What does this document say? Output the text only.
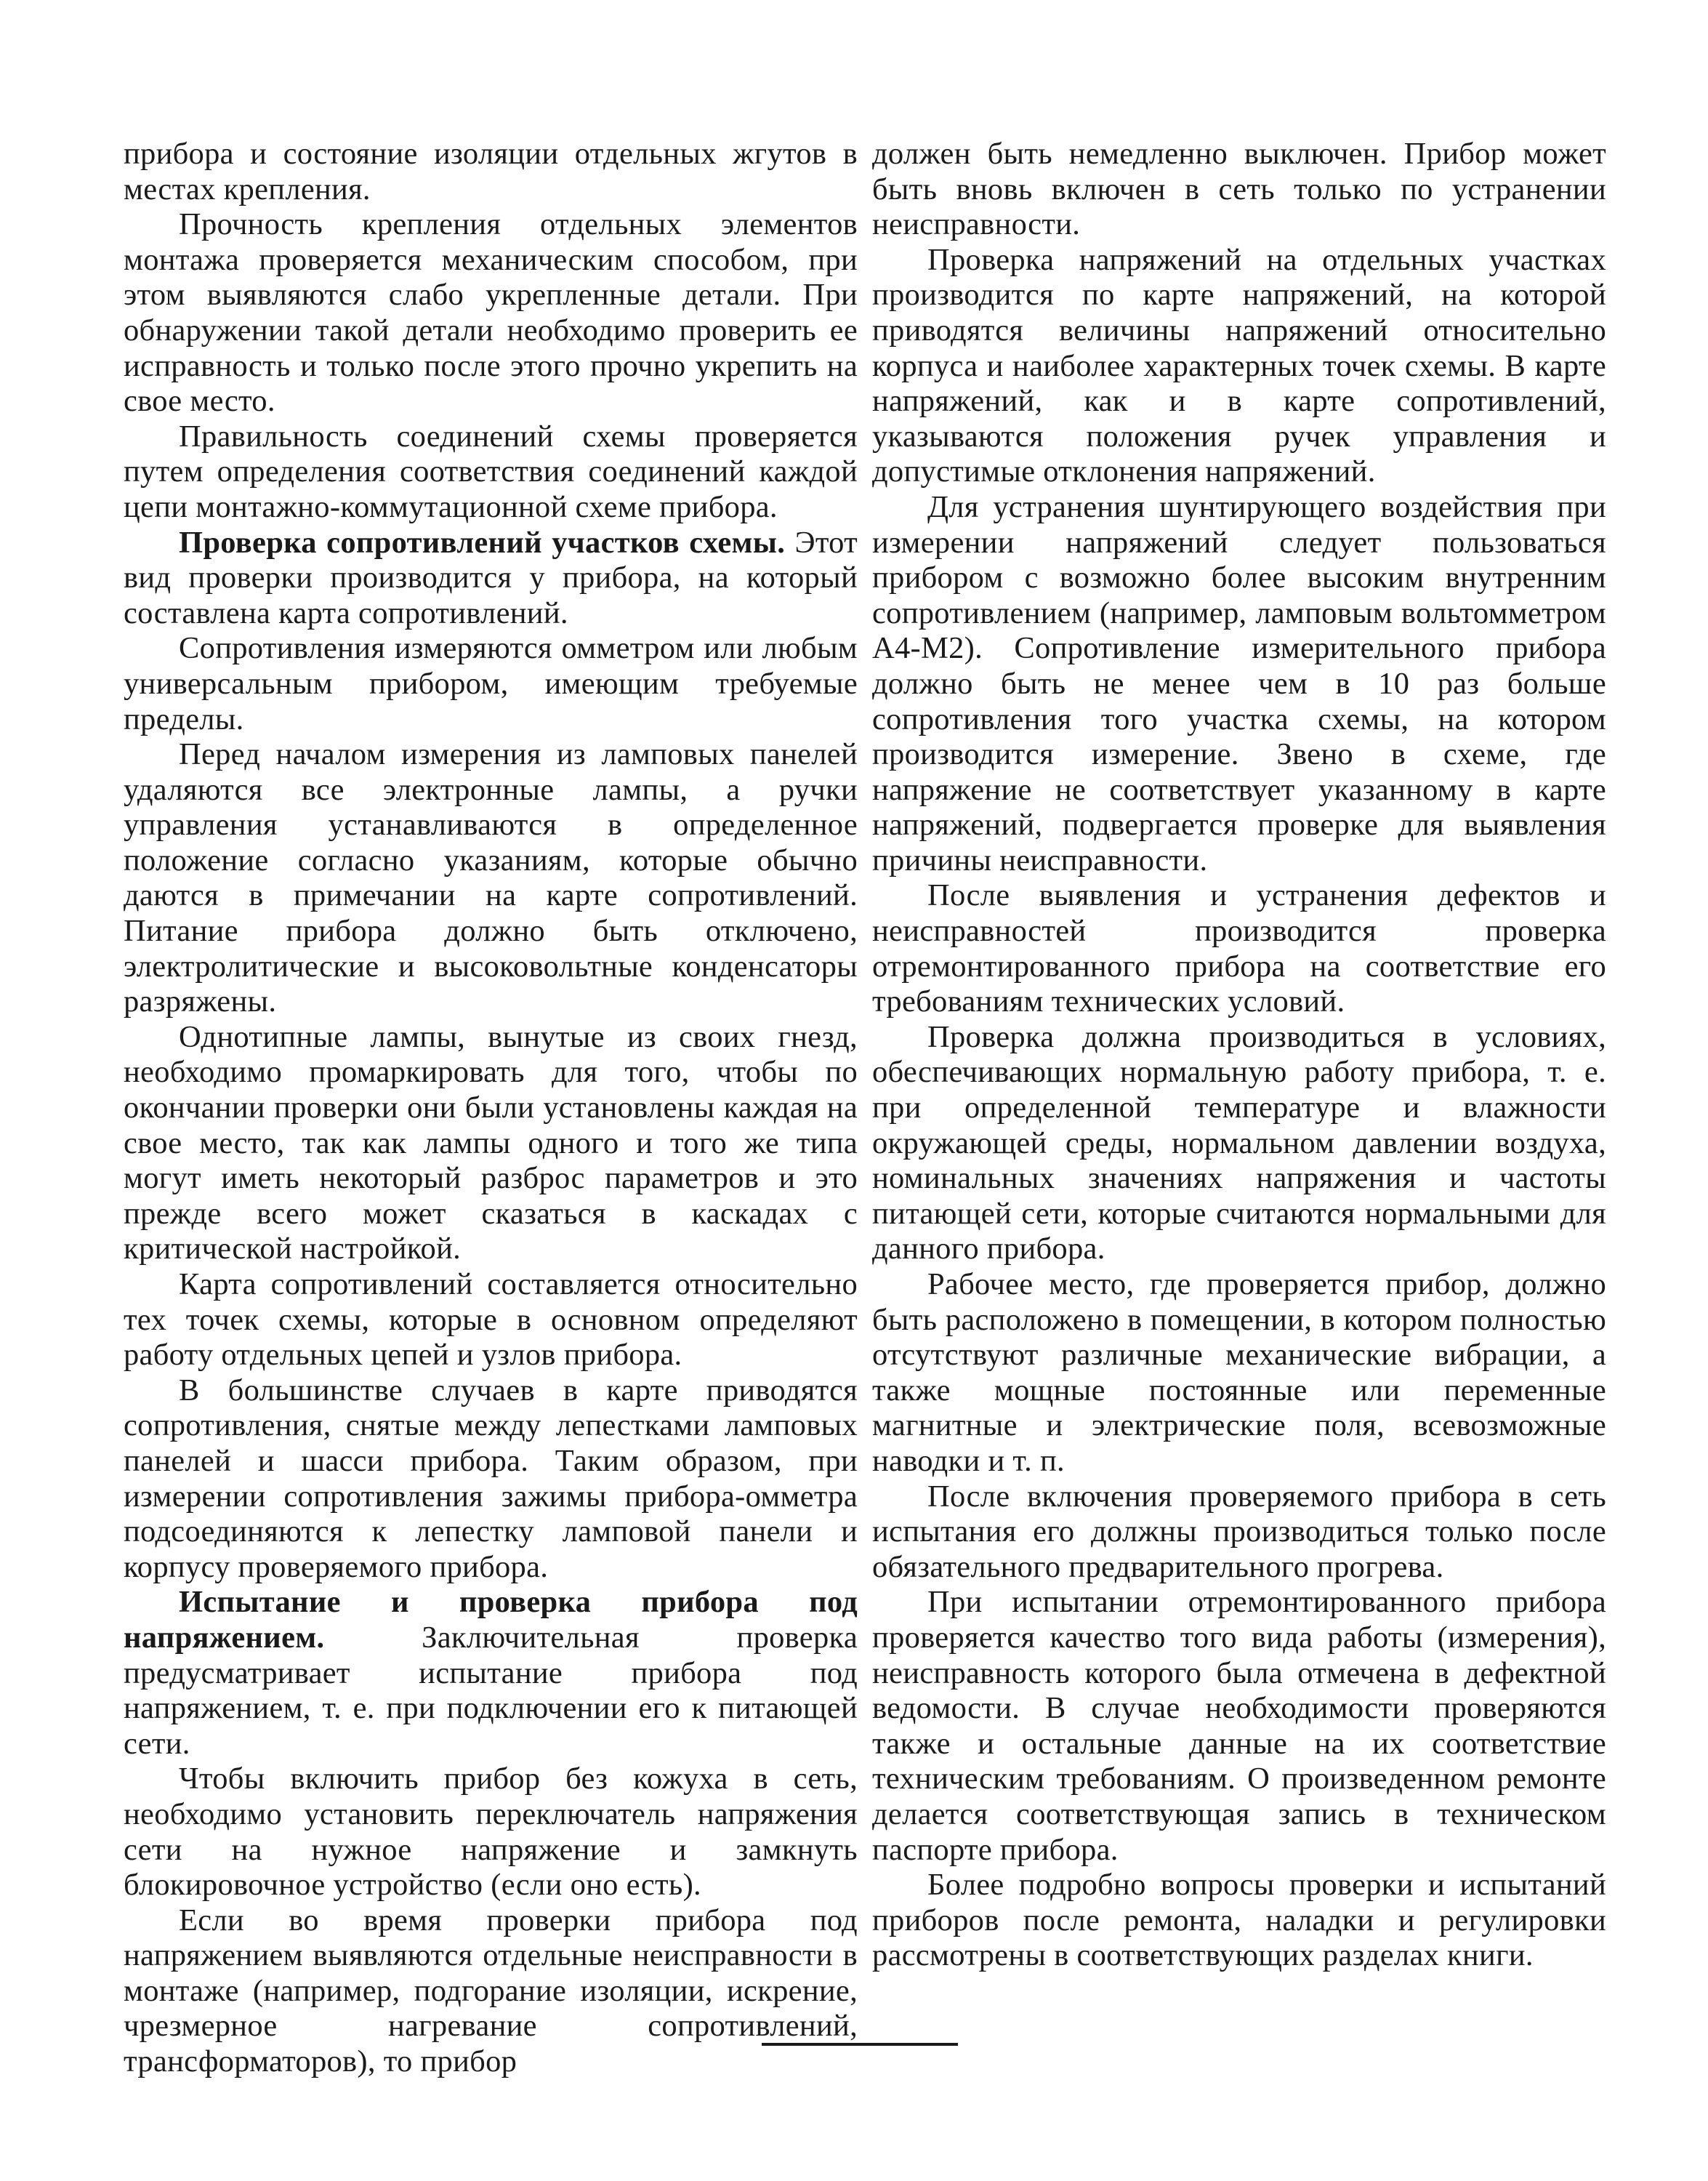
прибора и состояние изоляции отдельных жгутов в местах крепления.

Прочность крепления отдельных элементов монтажа проверяется механическим способом, при этом выявляются слабо укрепленные детали. При обнаружении такой детали необходимо проверить ее исправность и только после этого прочно укрепить на свое место.

Правильность соединений схемы проверяется путем определения соответствия соединений каждой цепи монтажно-коммутационной схеме прибора.

Проверка сопротивлений участков схемы. Этот вид проверки производится у прибора, на который составлена карта сопротивлений.

Сопротивления измеряются омметром или любым универсальным прибором, имеющим требуемые пределы.

Перед началом измерения из ламповых панелей удаляются все электронные лампы, а ручки управления устанавливаются в определенное положение согласно указаниям, которые обычно даются в примечании на карте сопротивлений. Питание прибора должно быть отключено, электролитические и высоковольтные конденсаторы разряжены.

Однотипные лампы, вынутые из своих гнезд, необходимо промаркировать для того, чтобы по окончании проверки они были установлены каждая на свое место, так как лампы одного и того же типа могут иметь некоторый разброс параметров и это прежде всего может сказаться в каскадах с критической настройкой.

Карта сопротивлений составляется относительно тех точек схемы, которые в основном определяют работу отдельных цепей и узлов прибора.

В большинстве случаев в карте приводятся сопротивления, снятые между лепестками ламповых панелей и шасси прибора. Таким образом, при измерении сопротивления зажимы прибора-омметра подсоединяются к лепестку ламповой панели и корпусу проверяемого прибора.

Испытание и проверка прибора под напряжением. Заключительная проверка предусматривает испытание прибора под напряжением, т. е. при подключении его к питающей сети.

Чтобы включить прибор без кожуха в сеть, необходимо установить переключатель напряжения сети на нужное напряжение и замкнуть блокировочное устройство (если оно есть).

Если во время проверки прибора под напряжением выявляются отдельные неисправности в монтаже (например, подгорание изоляции, искрение, чрезмерное нагревание сопротивлений, трансформаторов), то прибор

должен быть немедленно выключен. Прибор может быть вновь включен в сеть только по устранении неисправности.

Проверка напряжений на отдельных участках производится по карте напряжений, на которой приводятся величины напряжений относительно корпуса и наиболее характерных точек схемы. В карте напряжений, как и в карте сопротивлений, указываются положения ручек управления и допустимые отклонения напряжений.

Для устранения шунтирующего воздействия при измерении напряжений следует пользоваться прибором с возможно более высоким внутренним сопротивлением (например, ламповым вольтомметром А4-М2). Сопротивление измерительного прибора должно быть не менее чем в 10 раз больше сопротивления того участка схемы, на котором производится измерение. Звено в схеме, где напряжение не соответствует указанному в карте напряжений, подвергается проверке для выявления причины неисправности.

После выявления и устранения дефектов и неисправностей производится проверка отремонтированного прибора на соответствие его требованиям технических условий.

Проверка должна производиться в условиях, обеспечивающих нормальную работу прибора, т. е. при определенной температуре и влажности окружающей среды, нормальном давлении воздуха, номинальных значениях напряжения и частоты питающей сети, которые считаются нормальными для данного прибора.

Рабочее место, где проверяется прибор, должно быть расположено в помещении, в котором полностью отсутствуют различные механические вибрации, а также мощные постоянные или переменные магнитные и электрические поля, всевозможные наводки и т. п.

После включения проверяемого прибора в сеть испытания его должны производиться только после обязательного предварительного прогрева.

При испытании отремонтированного прибора проверяется качество того вида работы (измерения), неисправность которого была отмечена в дефектной ведомости. В случае необходимости проверяются также и остальные данные на их соответствие техническим требованиям. О произведенном ремонте делается соответствующая запись в техническом паспорте прибора.

Более подробно вопросы проверки и испытаний приборов после ремонта, наладки и регулировки рассмотрены в соответствующих разделах книги.
